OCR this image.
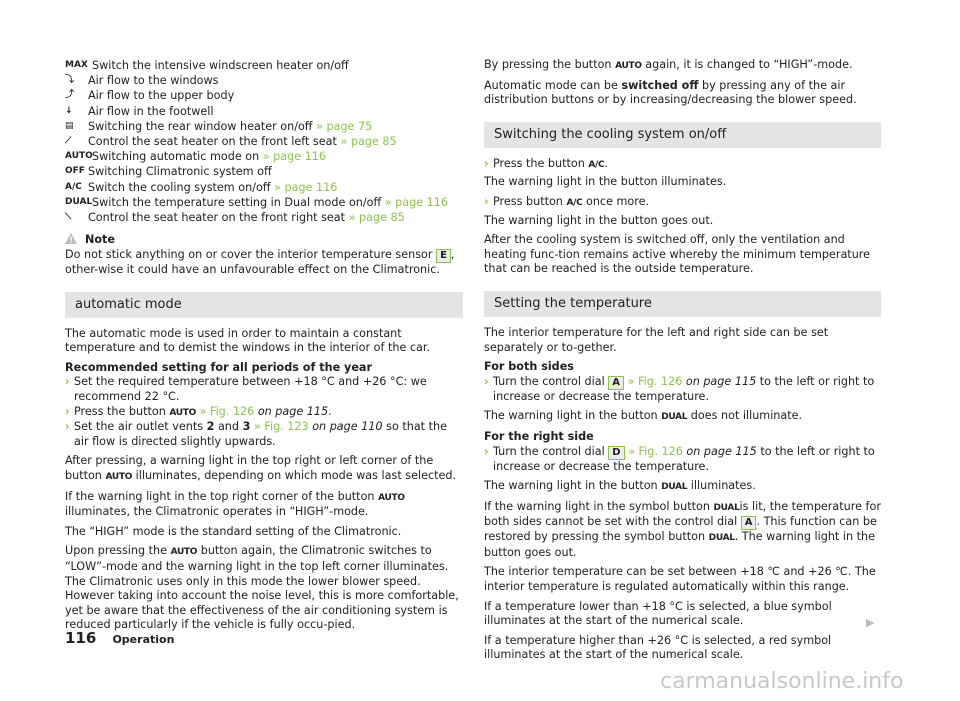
MAX Switch the intensive windscreen heater on/off
⤵ Air flow to the windows
⤴ Air flow to the upper body
↓ Air flow in the footwell
▤ Switching the rear window heater on/off » page 75
⟋ Control the seat heater on the front left seat » page 85
AUTO Switching automatic mode on » page 116
OFF Switching Climatronic system off
A/C Switch the cooling system on/off » page 116
DUAL Switch the temperature setting in Dual mode on/off » page 116
⟍ Control the seat heater on the front right seat » page 85
Note

Do not stick anything on or cover the interior temperature sensor E , other-wise it could have an unfavourable effect on the Climatronic.

automatic mode

The automatic mode is used in order to maintain a constant temperature and to demist the windows in the interior of the car.

Recommended setting for all periods of the year

› Set the required temperature between +18 °C and +26 °C: we recommend 22 °C.
› Press the button AUTO » Fig. 126 on page 115.
› Set the air outlet vents 2 and 3 » Fig. 123 on page 110 so that the air flow is directed slightly upwards.

After pressing, a warning light in the top right or left corner of the button AUTO illuminates, depending on which mode was last selected.

If the warning light in the top right corner of the button AUTO illuminates, the Climatronic operates in “HIGH”-mode.

The “HIGH” mode is the standard setting of the Climatronic.

Upon pressing the AUTO button again, the Climatronic switches to “LOW”-mode and the warning light in the top left corner illuminates. The Climatronic uses only in this mode the lower blower speed. However taking into account the noise level, this is more comfortable, yet be aware that the effectiveness of the air conditioning system is reduced particularly if the vehicle is fully occu-pied.

By pressing the button AUTO again, it is changed to “HIGH”-mode.

Automatic mode can be switched off by pressing any of the air distribution buttons or by increasing/decreasing the blower speed.

Switching the cooling system on/off
› Press the button A/C.

The warning light in the button illuminates.

› Press button A/C once more.

The warning light in the button goes out.

After the cooling system is switched off, only the ventilation and heating func-tion remains active whereby the minimum temperature that can be reached is the outside temperature.

Setting the temperature

The interior temperature for the left and right side can be set separately or to-gether.

For both sides

› Turn the control dial A » Fig. 126 on page 115 to the left or right to increase or decrease the temperature.

The warning light in the button DUAL does not illuminate.

For the right side

› Turn the control dial D » Fig. 126 on page 115 to the left or right to increase or decrease the temperature.

The warning light in the button DUAL illuminates.

If the warning light in the symbol button DUALis lit, the temperature for both sides cannot be set with the control dial A . This function can be restored by pressing the symbol button DUAL. The warning light in the button goes out.

The interior temperature can be set between +18 ℃ and +26 ℃. The interior temperature is regulated automatically within this range.

If a temperature lower than +18 °C is selected, a blue symbol illuminates at the start of the numerical scale.

If a temperature higher than +26 °C is selected, a red symbol illuminates at the start of the numerical scale.

▶
116 Operation
carmanualsonline.info
